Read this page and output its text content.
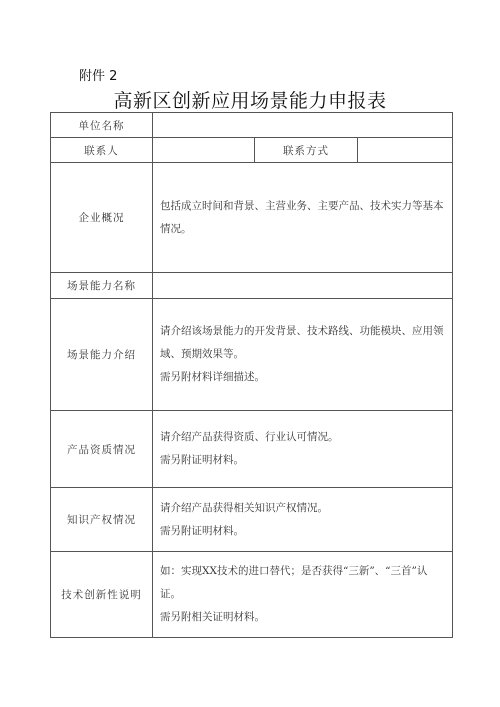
附件 2
高新区创新应用场景能力申报表
单位名称			
联系人		联系方式	
企业概况	包括成立时间和背景、主营业务、主要产品、技术实力等基本情况。		

场景能力名称			
场景能力介绍	请介绍该场景能力的开发背景、技术路线、功能模块、应用领域、预期效果等。
需另附材料详细描述。		

产品资质情况	请介绍产品获得资质、行业认可情况。
需另附证明材料。		

知识产权情况	请介绍产品获得相关知识产权情况。
需另附证明材料。		

技术创新性说明	如：实现XX技术的进口替代；是否获得“三新”、“三首”认证。
需另附相关证明材料。		
